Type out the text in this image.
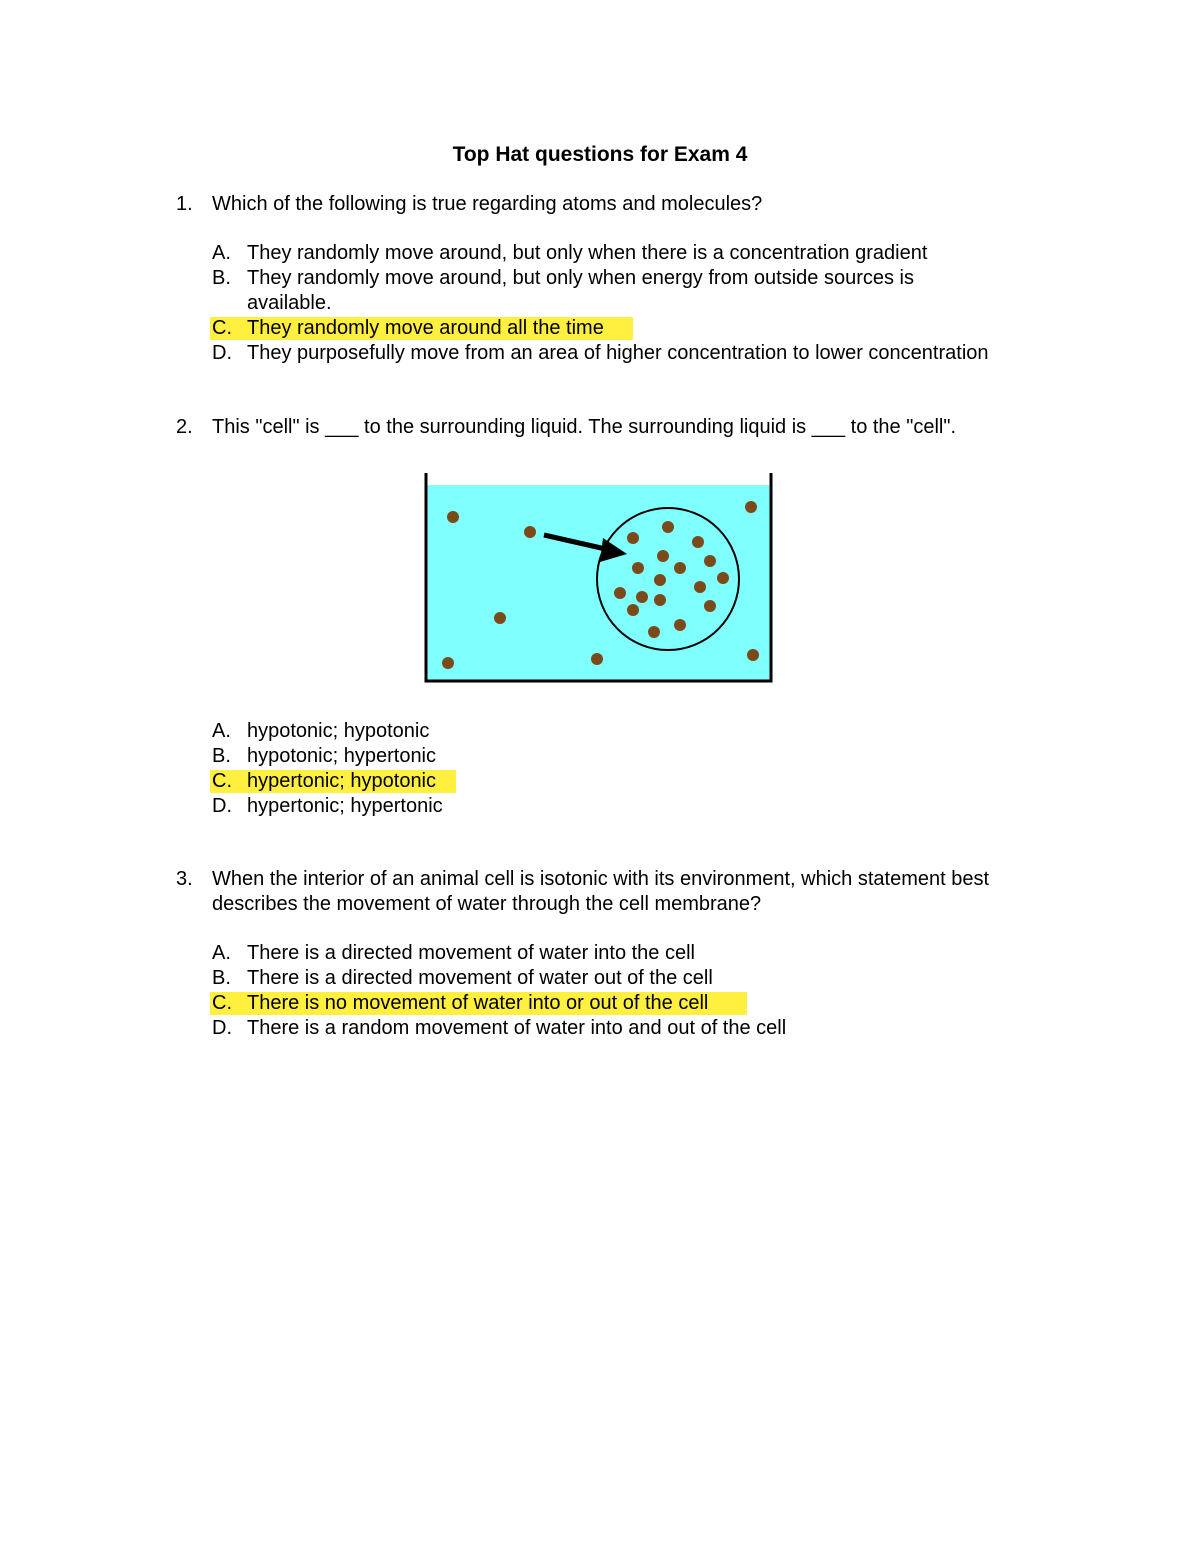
Top Hat questions for Exam 4
1. Which of the following is true regarding atoms and molecules?
A. They randomly move around, but only when there is a concentration gradient
B. They randomly move around, but only when energy from outside sources is
available.
C. They randomly move around all the time
D. They purposefully move from an area of higher concentration to lower concentration
2. This "cell" is ___ to the surrounding liquid. The surrounding liquid is ___ to the "cell".
A. hypotonic; hypotonic
B. hypotonic; hypertonic
C. hypertonic; hypotonic
D. hypertonic; hypertonic
3. When the interior of an animal cell is isotonic with its environment, which statement best
describes the movement of water through the cell membrane?
A. There is a directed movement of water into the cell
B. There is a directed movement of water out of the cell
C. There is no movement of water into or out of the cell
D. There is a random movement of water into and out of the cell
